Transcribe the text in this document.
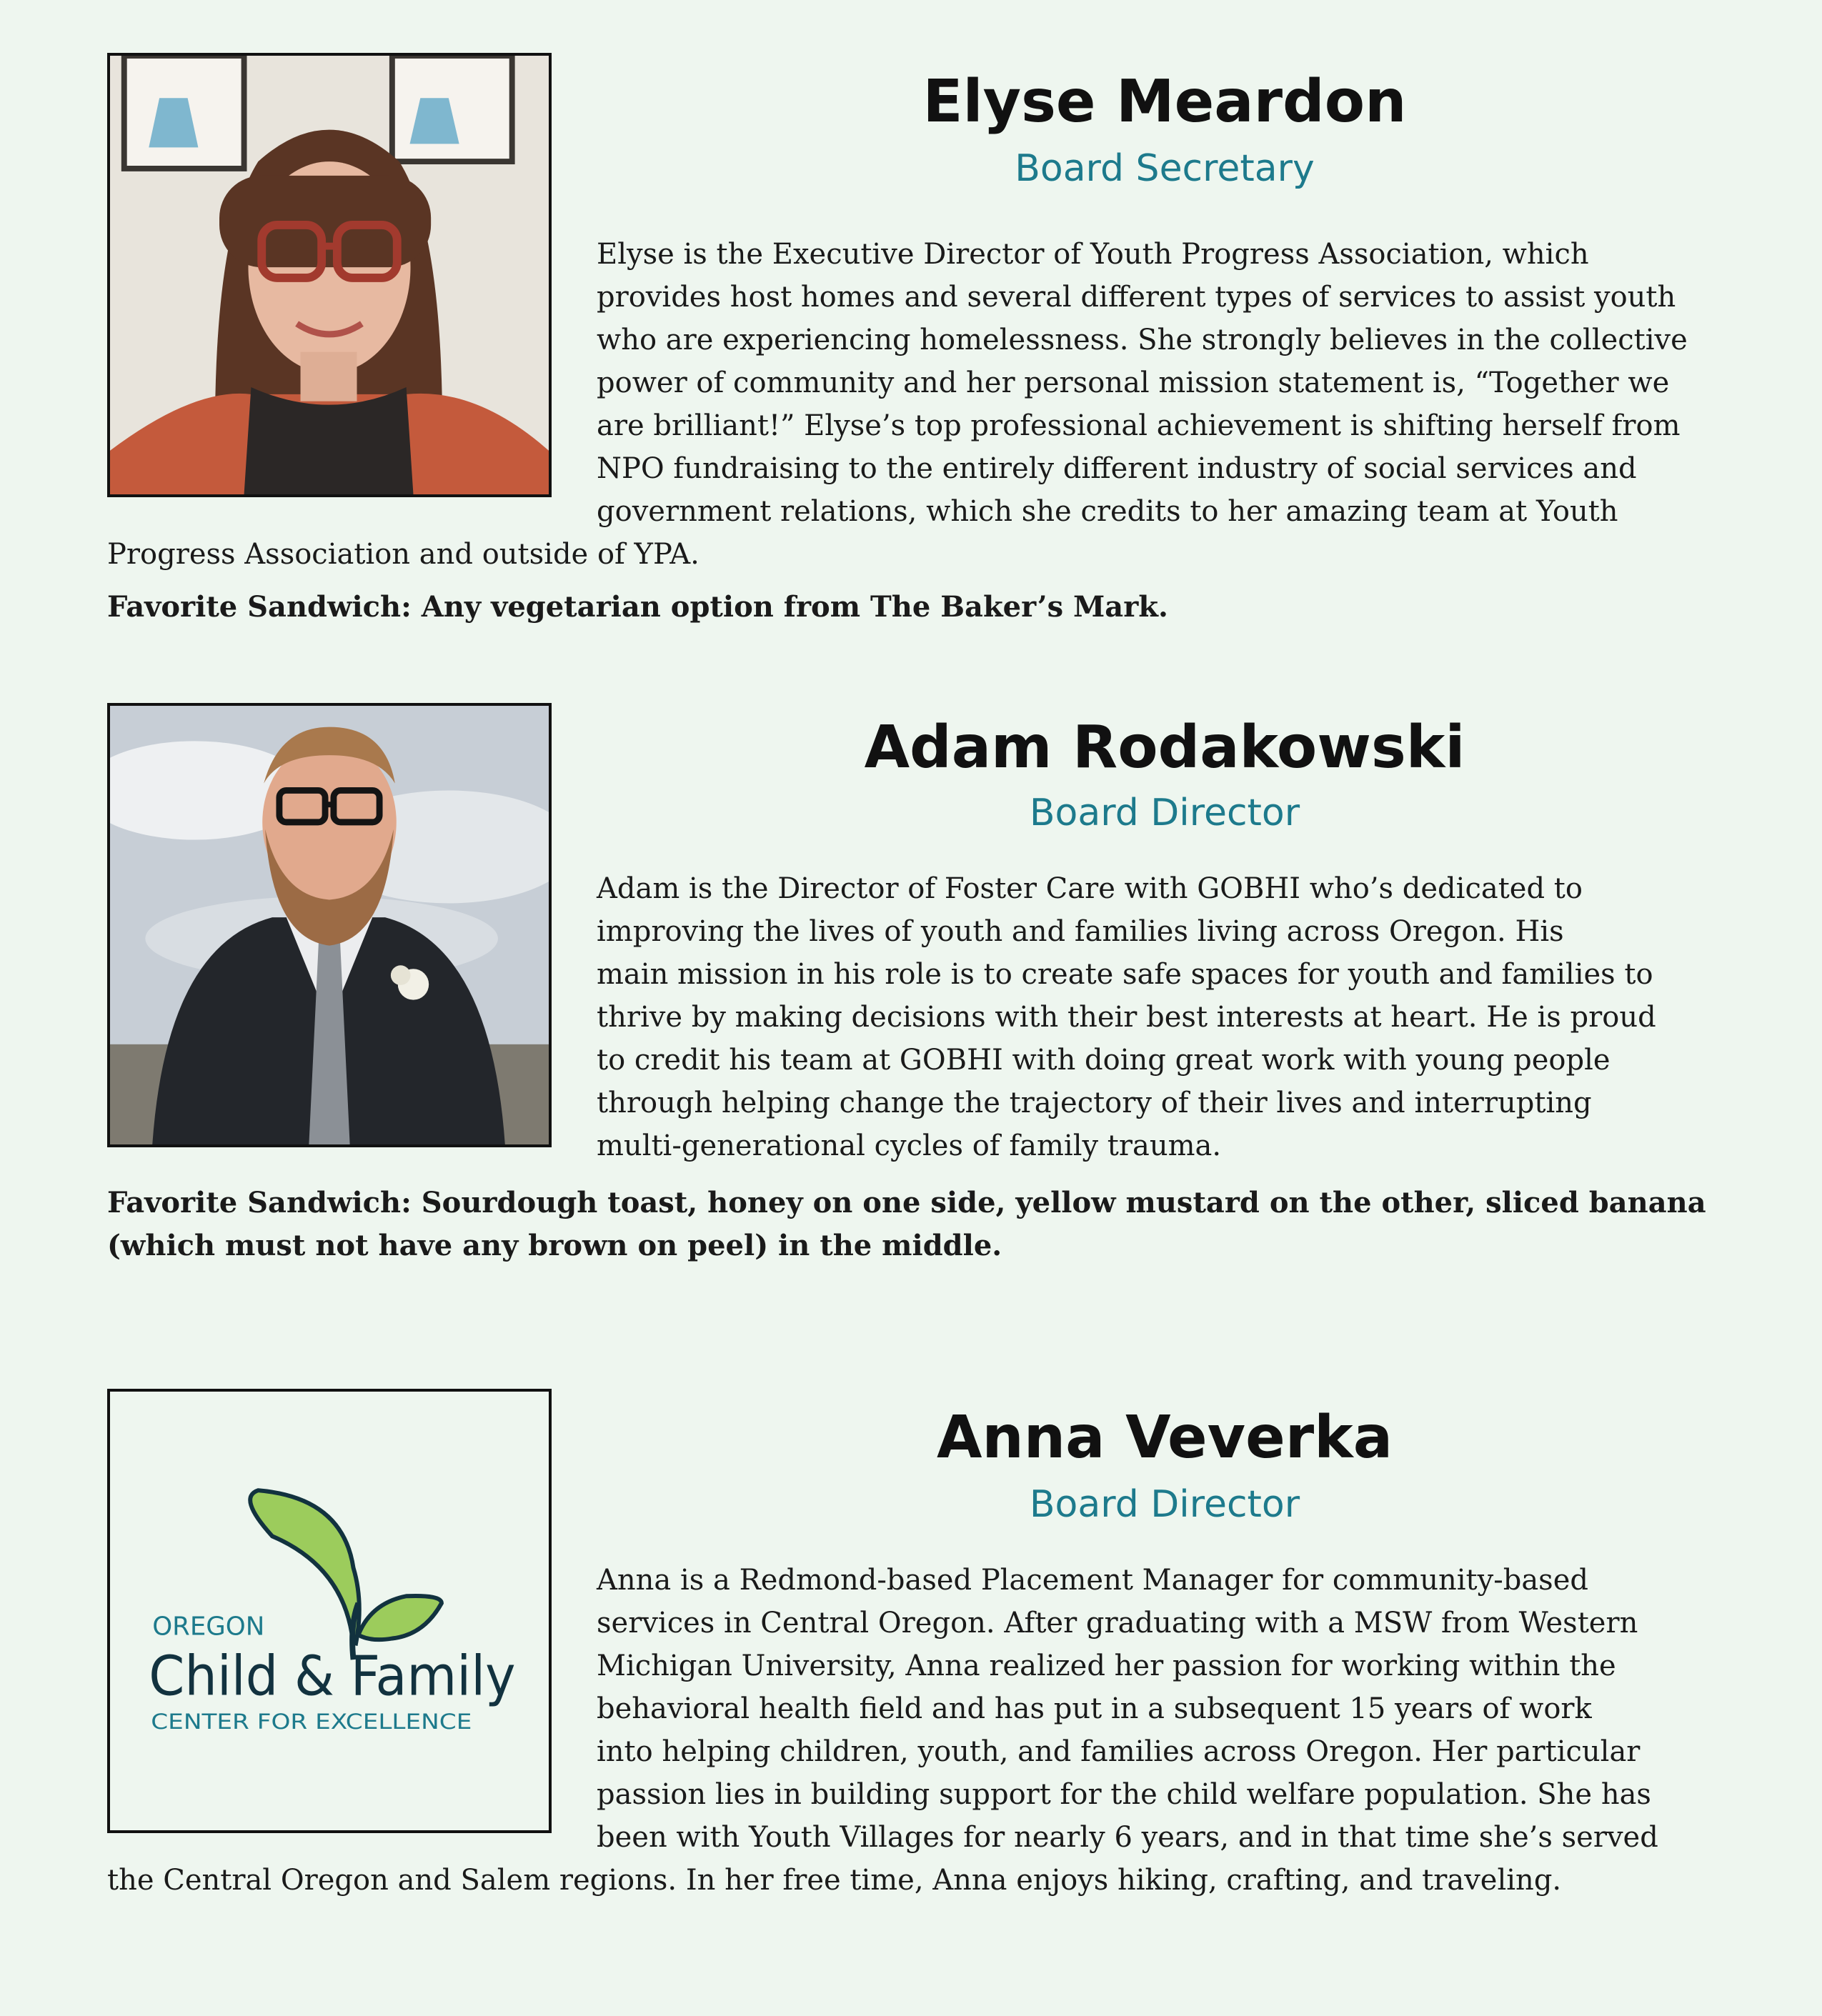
Elyse Meardon
Board Secretary
Elyse is the Executive Director of Youth Progress Association, which
provides host homes and several different types of services to assist youth
who are experiencing homelessness. She strongly believes in the collective
power of community and her personal mission statement is, “Together we
are brilliant!” Elyse’s top professional achievement is shifting herself from
NPO fundraising to the entirely different industry of social services and
government relations, which she credits to her amazing team at Youth
Progress Association and outside of YPA.
Favorite Sandwich: Any vegetarian option from The Baker’s Mark.
Adam Rodakowski
Board Director
Adam is the Director of Foster Care with GOBHI who’s dedicated to
improving the lives of youth and families living across Oregon. His
main mission in his role is to create safe spaces for youth and families to
thrive by making decisions with their best interests at heart. He is proud
to credit his team at GOBHI with doing great work with young people
through helping change the trajectory of their lives and interrupting
multi-generational cycles of family trauma.
Favorite Sandwich: Sourdough toast, honey on one side, yellow mustard on the other, sliced banana
(which must not have any brown on peel) in the middle.
OREGON
Child & Family
CENTER FOR EXCELLENCE
Anna Veverka
Board Director
Anna is a Redmond-based Placement Manager for community-based
services in Central Oregon. After graduating with a MSW from Western
Michigan University, Anna realized her passion for working within the
behavioral health field and has put in a subsequent 15 years of work
into helping children, youth, and families across Oregon. Her particular
passion lies in building support for the child welfare population. She has
been with Youth Villages for nearly 6 years, and in that time she’s served
the Central Oregon and Salem regions. In her free time, Anna enjoys hiking, crafting, and traveling.
